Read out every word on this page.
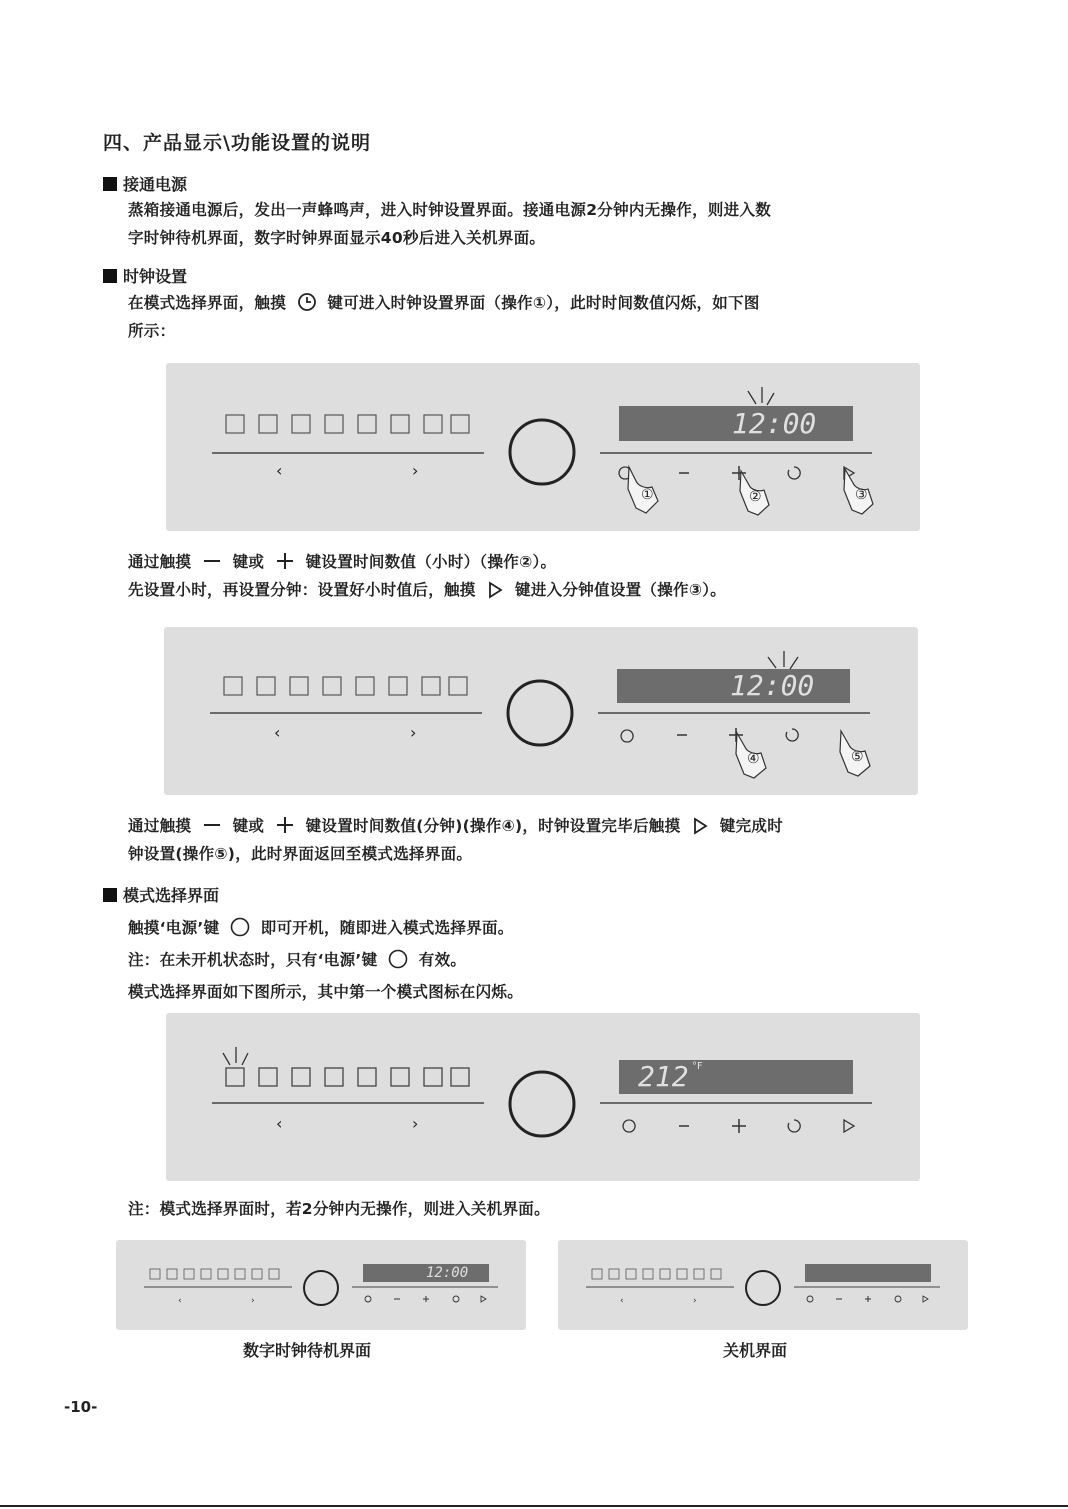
四、产品显示\功能设置的说明
接通电源
蒸箱接通电源后，发出一声蜂鸣声，进入时钟设置界面。接通电源2分钟内无操作，则进入数
字时钟待机界面，数字时钟界面显示40秒后进入关机界面。
时钟设置
在模式选择界面，触摸	键可进入时钟设置界面（操作①），此时时间数值闪烁，如下图
所示：
12:00
‹	›
①	②	③
通过触摸	键或	键设置时间数值（小时）（操作②）。
先设置小时，再设置分钟：设置好小时值后，触摸	键进入分钟值设置（操作③）。
12:00
‹	›
④	⑤
通过触摸	键或	键设置时间数值(分钟)(操作④)，时钟设置完毕后触摸	键完成时
钟设置(操作⑤)，此时界面返回至模式选择界面。
模式选择界面
触摸‘电源’键	即可开机，随即进入模式选择界面。
注：在未开机状态时，只有‘电源’键	有效。
模式选择界面如下图所示，其中第一个模式图标在闪烁。
212 °F
‹	›
注：模式选择界面时，若2分钟内无操作，则进入关机界面。
‹	›
12:00
数字时钟待机界面
‹	›
关机界面
-10-
